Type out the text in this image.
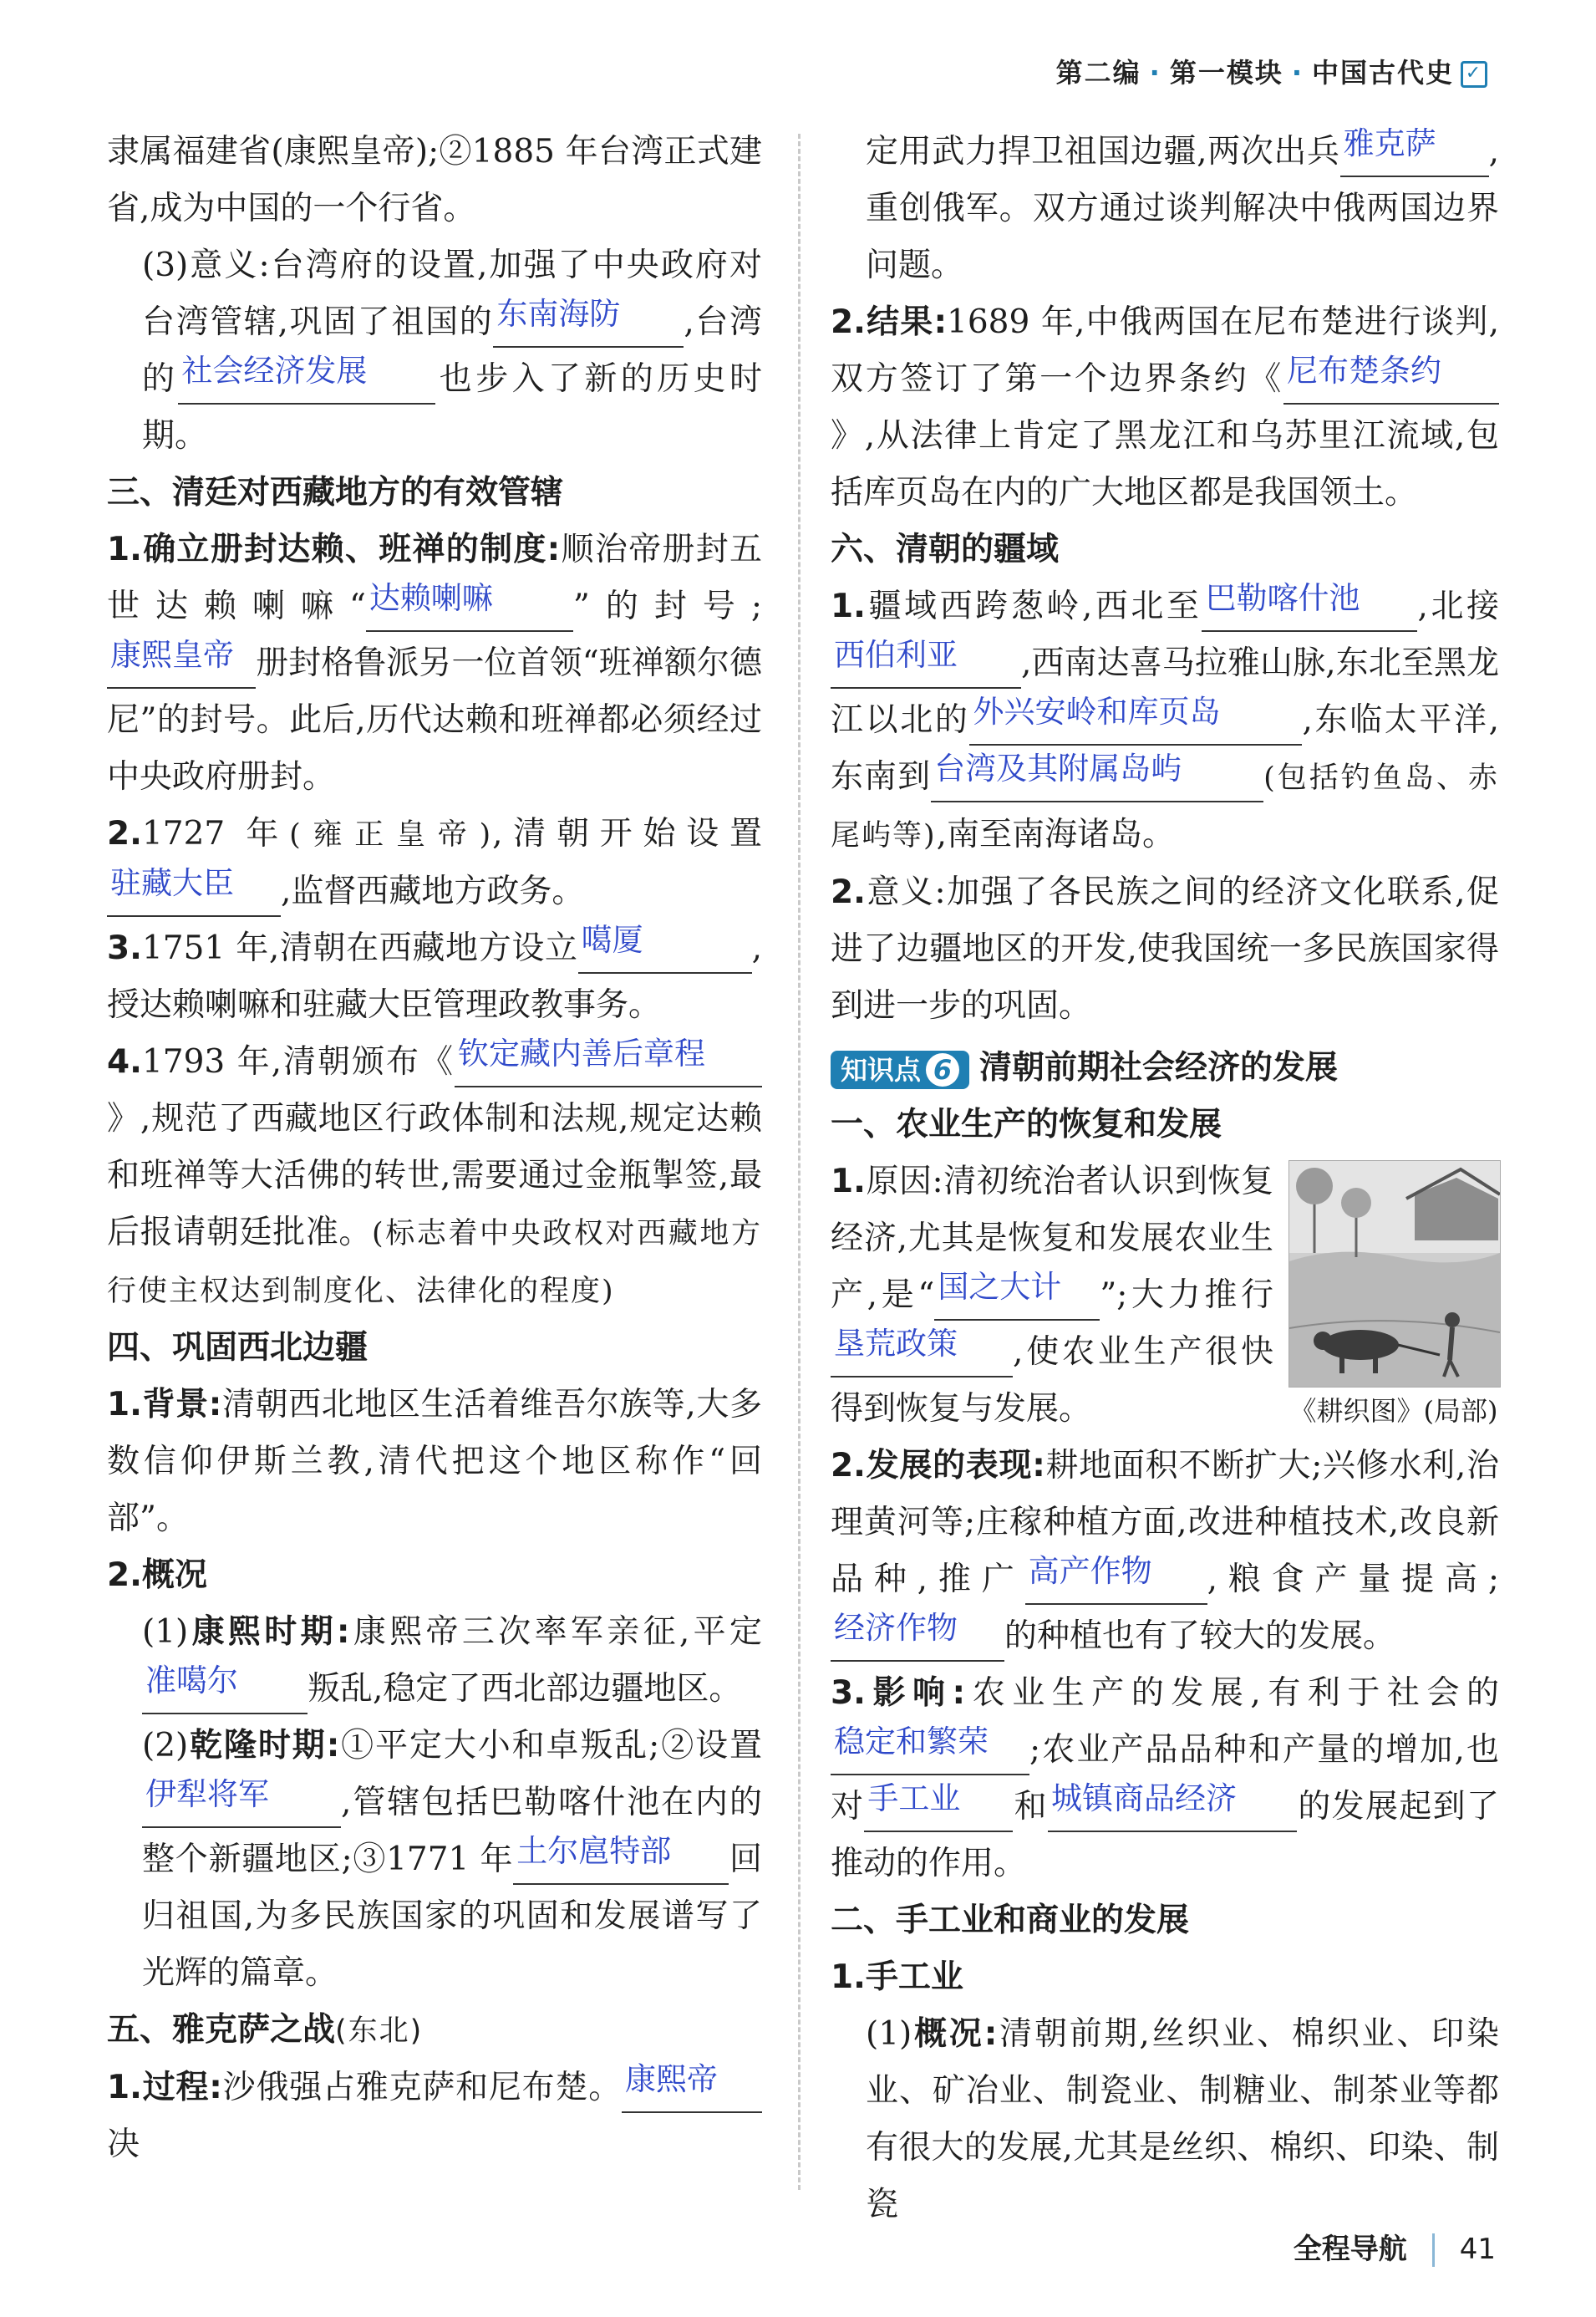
第二编 · 第一模块 · 中国古代史 ✓

隶属福建省(康熙皇帝);②1885 年台湾正式建省,成为中国的一个行省。

(3)意义:台湾府的设置,加强了中央政府对台湾管辖,巩固了祖国的 东南海防 ,台湾的 社会经济发展 也步入了新的历史时期。

三、清廷对西藏地方的有效管辖

1.确立册封达赖、班禅的制度:顺治帝册封五世达赖喇嘛“ 达赖喇嘛 ”的封号;康熙皇帝 册封格鲁派另一位首领“班禅额尔德尼”的封号。此后,历代达赖和班禅都必须经过中央政府册封。

2.1727 年(雍正皇帝),清朝开始设置驻藏大臣 ,监督西藏地方政务。

3.1751 年,清朝在西藏地方设立 噶厦	,授达赖喇嘛和驻藏大臣管理政教事务。

4.1793 年,清朝颁布《 钦定藏内善后章程》,规范了西藏地区行政体制和法规,规定达赖和班禅等大活佛的转世,需要通过金瓶掣签,最后报请朝廷批准。(标志着中央政权对西藏地方行使主权达到制度化、法律化的程度)

四、巩固西北边疆

1.背景:清朝西北地区生活着维吾尔族等,大多数信仰伊斯兰教,清代把这个地区称作“回部”。

2.概况

(1)康熙时期:康熙帝三次率军亲征,平定准噶尔 叛乱,稳定了西北部边疆地区。

(2)乾隆时期:①平定大小和卓叛乱;②设置伊犁将军 ,管辖包括巴勒喀什池在内的整个新疆地区;③1771 年 土尔扈特部 回归祖国,为多民族国家的巩固和发展谱写了光辉的篇章。

五、雅克萨之战(东北)

1.过程:沙俄强占雅克萨和尼布楚。 康熙帝决

定用武力捍卫祖国边疆,两次出兵 雅克萨 ,重创俄军。双方通过谈判解决中俄两国边界问题。

2.结果:1689 年,中俄两国在尼布楚进行谈判,双方签订了第一个边界条约《 尼布楚条约》,从法律上肯定了黑龙江和乌苏里江流域,包括库页岛在内的广大地区都是我国领土。

六、清朝的疆域

1.疆域西跨葱岭,西北至 巴勒喀什池 ,北接西伯利亚 ,西南达喜马拉雅山脉,东北至黑龙江以北的 外兴安岭和库页岛	,东临太平洋,东南到 台湾及其附属岛屿	(包括钓鱼岛、赤尾屿等),南至南海诸岛。

2.意义:加强了各民族之间的经济文化联系,促进了边疆地区的开发,使我国统一多民族国家得到进一步的巩固。

知识点 6 清朝前期社会经济的发展

一、农业生产的恢复和发展

《耕织图》(局部)

1.原因:清初统治者认识到恢复经济,尤其是恢复和发展农业生产,是“ 国之大计 ”;大力推行垦荒政策 ,使农业生产很快得到恢复与发展。

2.发展的表现:耕地面积不断扩大;兴修水利,治理黄河等;庄稼种植方面,改进种植技术,改良新品种,推广 高产作物 ,粮食产量提高;经济作物 的种植也有了较大的发展。

3.影响:农业生产的发展,有利于社会的稳定和繁荣 ;农业产品品种和产量的增加,也对 手工业 和 城镇商品经济 的发展起到了推动的作用。

二、手工业和商业的发展

1.手工业

(1)概况:清朝前期,丝织业、棉织业、印染业、矿冶业、制瓷业、制糖业、制茶业等都有很大的发展,尤其是丝织、棉织、印染、制瓷

全程导航 41
